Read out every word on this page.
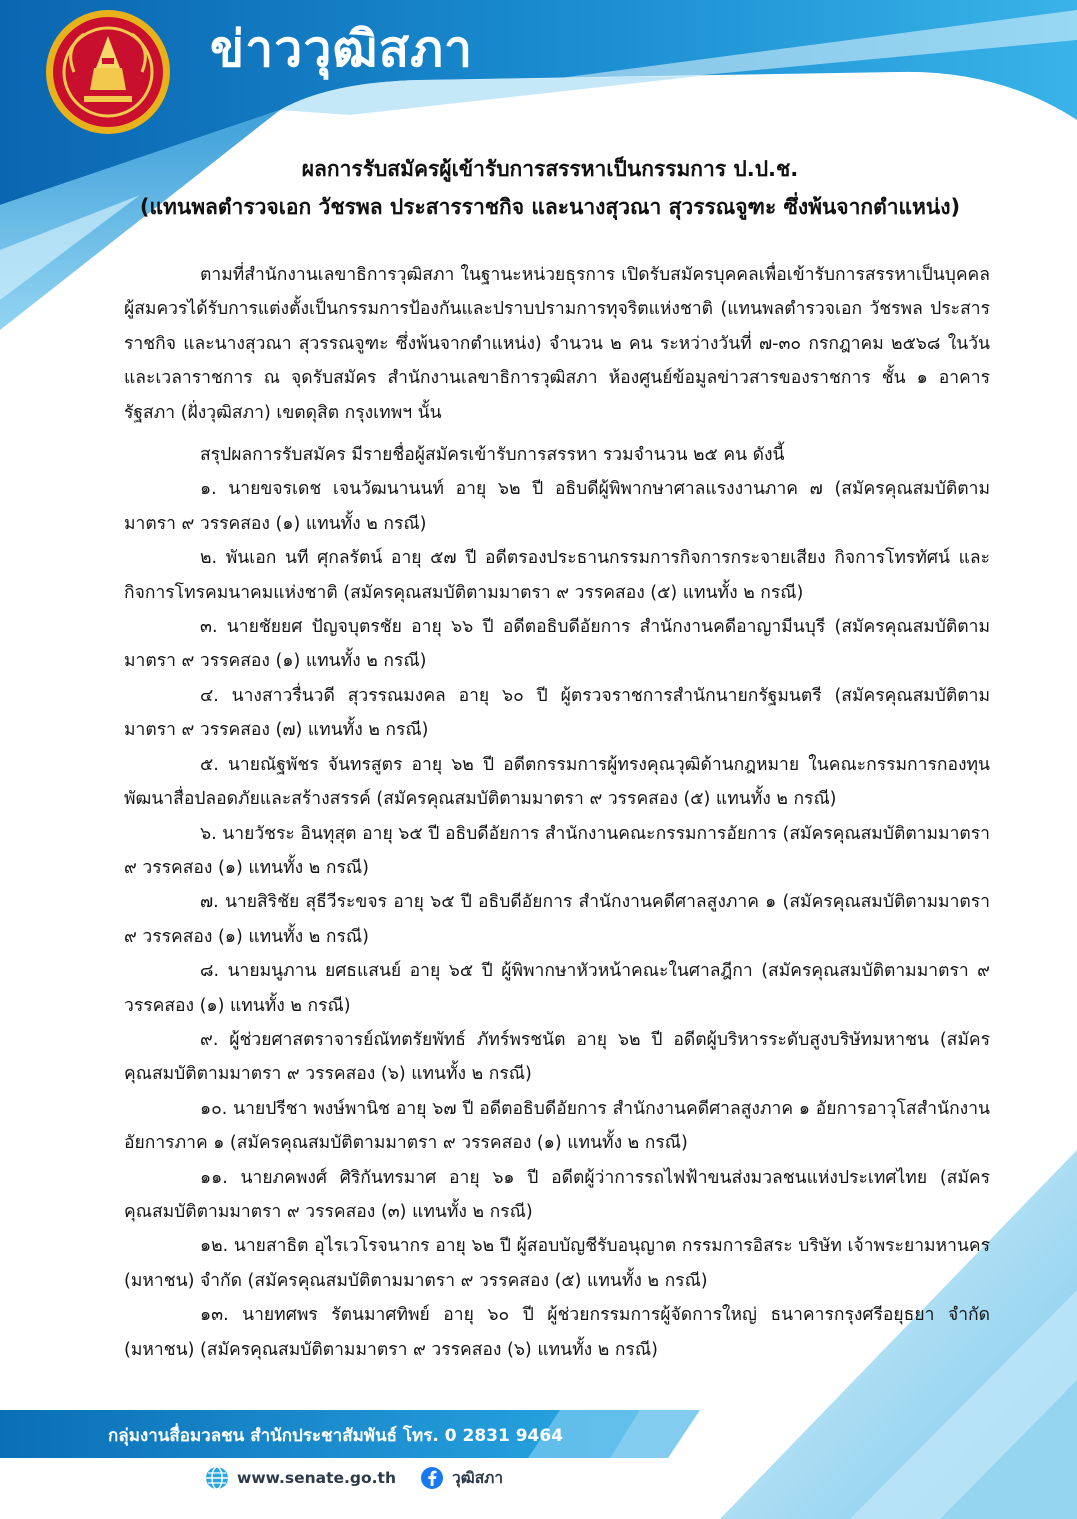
ข่าววุฒิสภา
ผลการรับสมัครผู้เข้ารับการสรรหาเป็นกรรมการ ป.ป.ช.
(แทนพลตำรวจเอก วัชรพล ประสารราชกิจ และนางสุวณา สุวรรณจูฑะ ซึ่งพ้นจากตำแหน่ง)

ตามที่สำนักงานเลขาธิการวุฒิสภา ในฐานะหน่วยธุรการ เปิดรับสมัครบุคคลเพื่อเข้ารับการสรรหาเป็นบุคคลผู้สมควรได้รับการแต่งตั้งเป็นกรรมการป้องกันและปราบปรามการทุจริตแห่งชาติ (แทนพลตำรวจเอก วัชรพล ประสารราชกิจ และนางสุวณา สุวรรณจูฑะ ซึ่งพ้นจากตำแหน่ง) จำนวน ๒ คน ระหว่างวันที่ ๗-๓๐ กรกฎาคม ๒๕๖๘ ในวันและเวลาราชการ ณ จุดรับสมัคร สำนักงานเลขาธิการวุฒิสภา ห้องศูนย์ข้อมูลข่าวสารของราชการ ชั้น ๑ อาคารรัฐสภา (ฝั่งวุฒิสภา) เขตดุสิต กรุงเทพฯ นั้น

สรุปผลการรับสมัคร มีรายชื่อผู้สมัครเข้ารับการสรรหา รวมจำนวน ๒๕ คน ดังนี้

๑. นายขจรเดช เจนวัฒนานนท์ อายุ ๖๒ ปี อธิบดีผู้พิพากษาศาลแรงงานภาค ๗ (สมัครคุณสมบัติตามมาตรา ๙ วรรคสอง (๑) แทนทั้ง ๒ กรณี)

๒. พันเอก นที ศุกลรัตน์ อายุ ๕๗ ปี อดีตรองประธานกรรมการกิจการกระจายเสียง กิจการโทรทัศน์ และกิจการโทรคมนาคมแห่งชาติ (สมัครคุณสมบัติตามมาตรา ๙ วรรคสอง (๕) แทนทั้ง ๒ กรณี)

๓. นายชัยยศ ปัญจบุตรชัย อายุ ๖๖ ปี อดีตอธิบดีอัยการ สำนักงานคดีอาญามีนบุรี (สมัครคุณสมบัติตามมาตรา ๙ วรรคสอง (๑) แทนทั้ง ๒ กรณี)

๔. นางสาวรื่นวดี สุวรรณมงคล อายุ ๖๐ ปี ผู้ตรวจราชการสำนักนายกรัฐมนตรี (สมัครคุณสมบัติตามมาตรา ๙ วรรคสอง (๗) แทนทั้ง ๒ กรณี)

๕. นายณัฐพัชร จันทรสูตร อายุ ๖๒ ปี อดีตกรรมการผู้ทรงคุณวุฒิด้านกฎหมาย ในคณะกรรมการกองทุนพัฒนาสื่อปลอดภัยและสร้างสรรค์ (สมัครคุณสมบัติตามมาตรา ๙ วรรคสอง (๕) แทนทั้ง ๒ กรณี)

๖. นายวัชระ อินทุสุต อายุ ๖๕ ปี อธิบดีอัยการ สำนักงานคณะกรรมการอัยการ (สมัครคุณสมบัติตามมาตรา ๙ วรรคสอง (๑) แทนทั้ง ๒ กรณี)

๗. นายสิริชัย สุธีวีระขจร อายุ ๖๕ ปี อธิบดีอัยการ สำนักงานคดีศาลสูงภาค ๑ (สมัครคุณสมบัติตามมาตรา ๙ วรรคสอง (๑) แทนทั้ง ๒ กรณี)

๘. นายมนูภาน ยศธแสนย์ อายุ ๖๕ ปี ผู้พิพากษาหัวหน้าคณะในศาลฎีกา (สมัครคุณสมบัติตามมาตรา ๙ วรรคสอง (๑) แทนทั้ง ๒ กรณี)

๙. ผู้ช่วยศาสตราจารย์ณัทตรัยพัทธ์ ภัทร์พรชนัต อายุ ๖๒ ปี อดีตผู้บริหารระดับสูงบริษัทมหาชน (สมัครคุณสมบัติตามมาตรา ๙ วรรคสอง (๖) แทนทั้ง ๒ กรณี)

๑๐. นายปรีชา พงษ์พานิช อายุ ๖๗ ปี อดีตอธิบดีอัยการ สำนักงานคดีศาลสูงภาค ๑ อัยการอาวุโสสำนักงานอัยการภาค ๑ (สมัครคุณสมบัติตามมาตรา ๙ วรรคสอง (๑) แทนทั้ง ๒ กรณี)

๑๑. นายภคพงศ์ ศิริกันทรมาศ อายุ ๖๑ ปี อดีตผู้ว่าการรถไฟฟ้าขนส่งมวลชนแห่งประเทศไทย (สมัครคุณสมบัติตามมาตรา ๙ วรรคสอง (๓) แทนทั้ง ๒ กรณี)

๑๒. นายสาธิต อุไรเวโรจนากร อายุ ๖๒ ปี ผู้สอบบัญชีรับอนุญาต กรรมการอิสระ บริษัท เจ้าพระยามหานคร (มหาชน) จำกัด (สมัครคุณสมบัติตามมาตรา ๙ วรรคสอง (๕) แทนทั้ง ๒ กรณี)

๑๓. นายทศพร รัตนมาศทิพย์ อายุ ๖๐ ปี ผู้ช่วยกรรมการผู้จัดการใหญ่ ธนาคารกรุงศรีอยุธยา จำกัด (มหาชน) (สมัครคุณสมบัติตามมาตรา ๙ วรรคสอง (๖) แทนทั้ง ๒ กรณี)

กลุ่มงานสื่อมวลชน สำนักประชาสัมพันธ์ โทร. 0 2831 9464
www.senate.go.th	วุฒิสภา
